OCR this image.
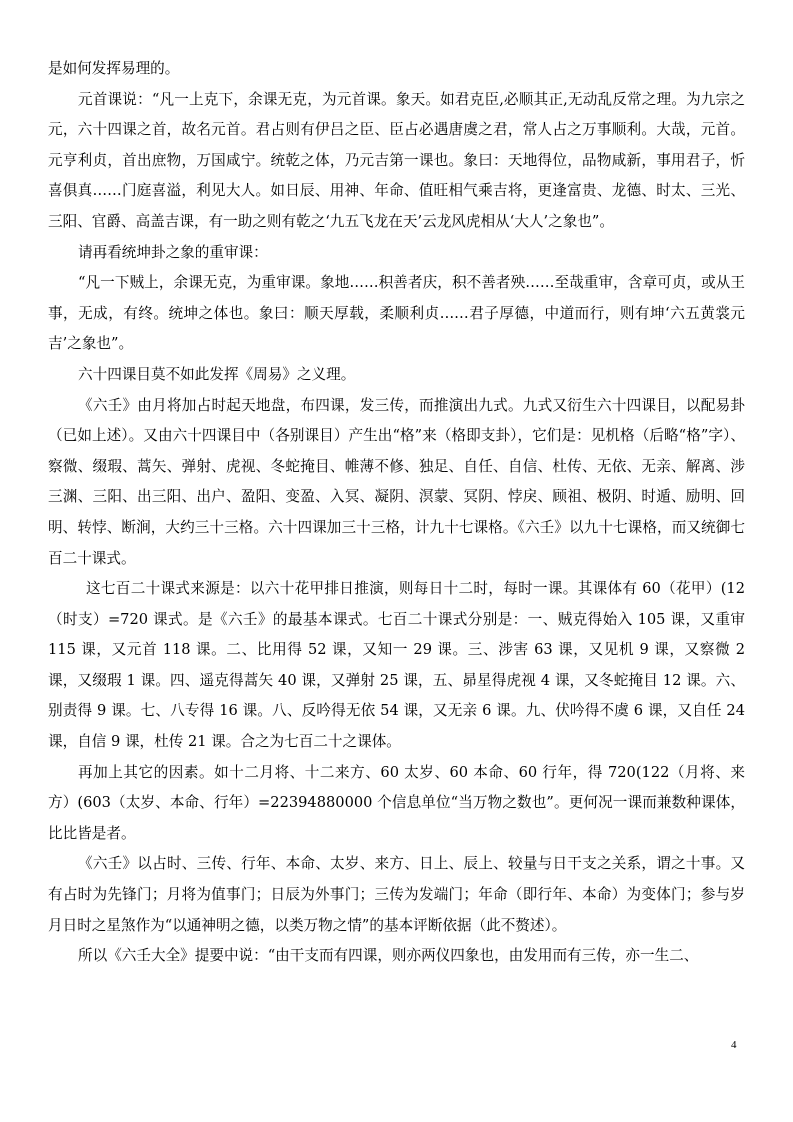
是如何发挥易理的。

元首课说：“凡一上克下，余课无克，为元首课。象天。如君克臣,必顺其正,无动乱反常之理。为九宗之元，六十四课之首，故名元首。君占则有伊吕之臣、臣占必遇唐虞之君，常人占之万事顺利。大哉，元首。元亨利贞，首出庶物，万国咸宁。统乾之体，乃元吉第一课也。象曰：天地得位，品物咸新，事用君子，忻喜俱真……门庭喜溢，利见大人。如日辰、用神、年命、值旺相气乘吉将，更逢富贵、龙德、时太、三光、三阳、官爵、高盖吉课，有一助之则有乾之‘九五飞龙在天’云龙风虎相从‘大人’之象也”。

请再看统坤卦之象的重审课：

“凡一下贼上，余课无克，为重审课。象地……积善者庆，积不善者殃……至哉重审，含章可贞，或从王事，无成，有终。统坤之体也。象曰：顺天厚载，柔顺利贞……君子厚德，中道而行，则有坤‘六五黄裳元吉’之象也”。

六十四课目莫不如此发挥《周易》之义理。

《六壬》由月将加占时起天地盘，布四课，发三传，而推演出九式。九式又衍生六十四课目，以配易卦（已如上述）。又由六十四课目中（各别课目）产生出“格”来（格即支卦），它们是：见机格（后略“格”字）、察微、缀瑕、蒿矢、弹射、虎视、冬蛇掩目、帷薄不修、独足、自任、自信、杜传、无依、无亲、解离、涉三渊、三阳、出三阳、出户、盈阳、变盈、入冥、凝阴、溟蒙、冥阴、悖戾、顾祖、极阴、时遁、励明、回明、转悖、断涧，大约三十三格。六十四课加三十三格，计九十七课格。《六壬》以九十七课格，而又统御七百二十课式。

这七百二十课式来源是：以六十花甲排日推演，则每日十二时，每时一课。其课体有 60（花甲）(12（时支）=720 课式。是《六壬》的最基本课式。七百二十课式分别是：一、贼克得始入 105 课，又重审 115 课，又元首 118 课。二、比用得 52 课，又知一 29 课。三、涉害 63 课，又见机 9 课，又察微 2 课，又缀瑕 1 课。四、遥克得蒿矢 40 课，又弹射 25 课，五、昴星得虎视 4 课，又冬蛇掩目 12 课。六、别责得 9 课。七、八专得 16 课。八、反吟得无依 54 课，又无亲 6 课。九、伏吟得不虞 6 课，又自任 24 课，自信 9 课，杜传 21 课。合之为七百二十之课体。

再加上其它的因素。如十二月将、十二来方、60 太岁、60 本命、60 行年，得 720(122（月将、来方）(603（太岁、本命、行年）=22394880000 个信息单位“当万物之数也”。更何况一课而兼数种课体，比比皆是者。

《六壬》以占时、三传、行年、本命、太岁、来方、日上、辰上、较量与日干支之关系，谓之十事。又有占时为先锋门；月将为值事门；日辰为外事门；三传为发端门；年命（即行年、本命）为变体门；参与岁月日时之星煞作为“以通神明之德，以类万物之情”的基本评断依据（此不赘述）。

所以《六壬大全》提要中说：“由干支而有四课，则亦两仪四象也，由发用而有三传，亦一生二、

4
